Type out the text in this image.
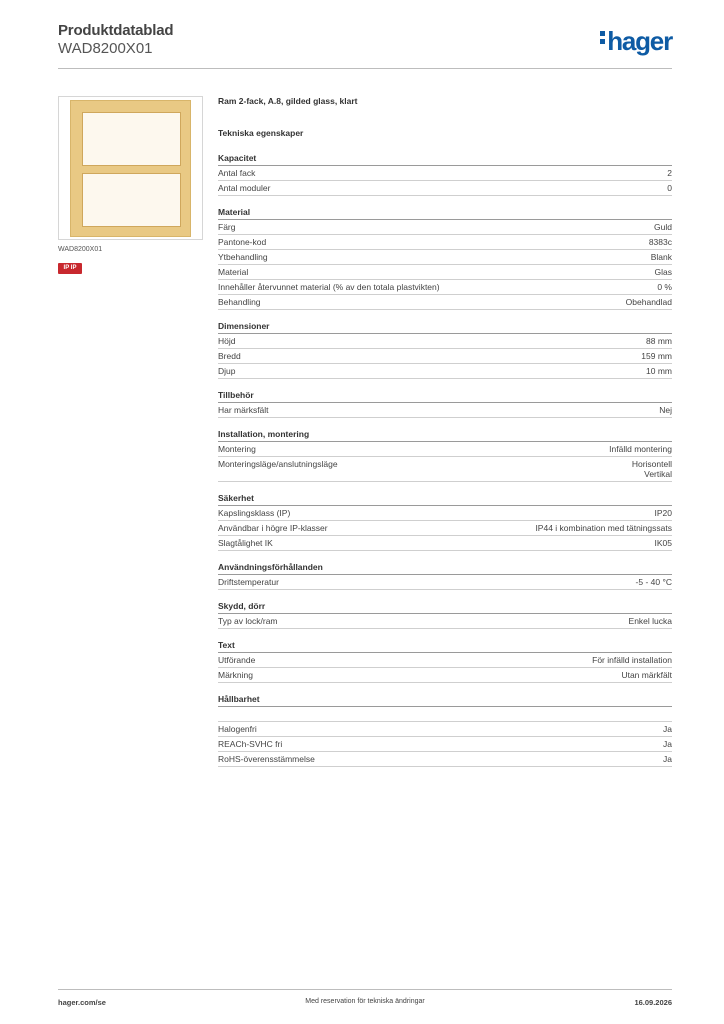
Produktdatablad
WAD8200X01	hager
WAD8200X01
IP IP
Ram 2-fack, A.8, gilded glass, klart
Tekniska egenskaper
Kapacitet
Antal fack	2
Antal moduler	0
Material
Färg	Guld
Pantone-kod	8383c
Ytbehandling	Blank
Material	Glas
Innehåller återvunnet material (% av den totala plastvikten)	0 %
Behandling	Obehandlad
Dimensioner
Höjd	88 mm
Bredd	159 mm
Djup	10 mm
Tillbehör
Har märksfält	Nej
Installation, montering
Montering	Infälld montering
Monteringsläge/anslutningsläge	Horisontell
Vertikal
Säkerhet
Kapslingsklass (IP)	IP20
Användbar i högre IP-klasser	IP44 i kombination med tätningssats
Slagtålighet IK	IK05
Användningsförhållanden
Driftstemperatur	-5 - 40 °C
Skydd, dörr
Typ av lock/ram	Enkel lucka
Text
Utförande	För infälld installation
Märkning	Utan märkfält
Hållbarhet
Halogenfri	Ja
REACh-SVHC fri	Ja
RoHS-överensstämmelse	Ja
hager.com/se	Med reservation för tekniska ändringar	16.09.2026
